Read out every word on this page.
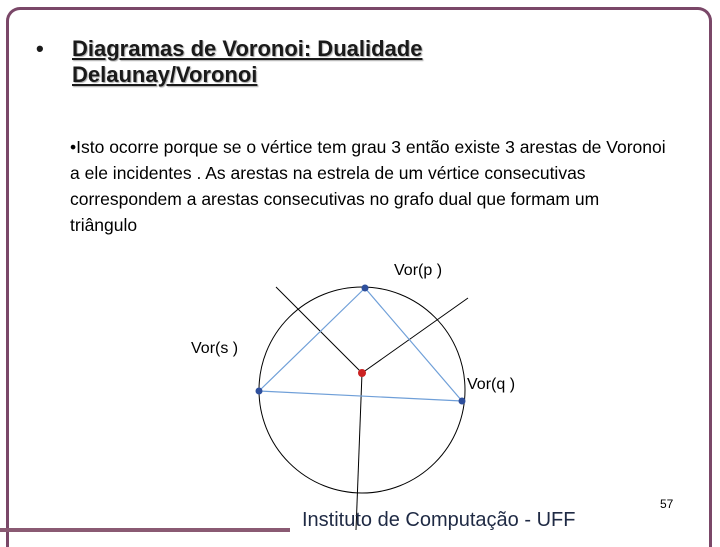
• Diagramas de Voronoi: Dualidade Delaunay/Voronoi
•Isto ocorre porque se o vértice tem grau 3 então existe 3 arestas de Voronoi a ele incidentes . As arestas na estrela de um vértice consecutivas correspondem a arestas consecutivas no grafo dual que formam um triângulo
Vor(p )
Vor(s )
Vor(q )
Instituto de Computação - UFF
57
